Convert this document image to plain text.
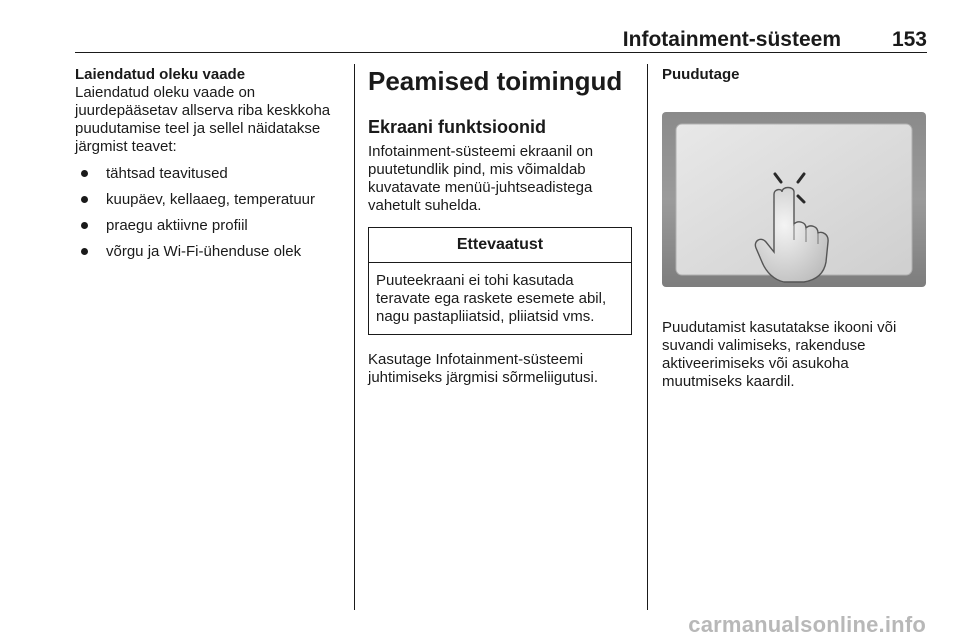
Infotainment-süsteem 153

Laiendatud oleku vaade

Laiendatud oleku vaade on juurdepääsetav allserva riba keskkoha puudutamise teel ja sellel näidatakse järgmist teavet:

tähtsad teavitused
kuupäev, kellaaeg, temperatuur
praegu aktiivne profiil
võrgu ja Wi-Fi-ühenduse olek
Peamised toimingud
Ekraani funktsioonid

Infotainment-süsteemi ekraanil on puutetundlik pind, mis võimaldab kuvatavate menüü-juhtseadistega vahetult suhelda.

Ettevaatust

Puuteekraani ei tohi kasutada teravate ega raskete esemete abil, nagu pastapliiatsid, pliiatsid vms.

Kasutage Infotainment-süsteemi juhtimiseks järgmisi sõrmeliigutusi.

Puudutage

Puudutamist kasutatakse ikooni või suvandi valimiseks, rakenduse aktiveerimiseks või asukoha muutmiseks kaardil.

carmanualsonline.info
